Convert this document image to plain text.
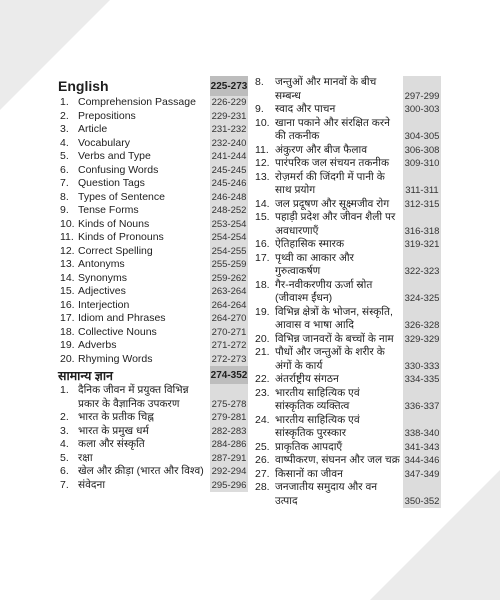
English	225-273
1. Comprehension Passage	226-229
2. Prepositions	229-231
3. Article	231-232
4. Vocabulary	232-240
5. Verbs and Type	241-244
6. Confusing Words	245-245
7. Question Tags	245-246
8. Types of Sentence	246-248
9. Tense Forms	248-252
10. Kinds of Nouns	253-254
11. Kinds of Pronouns	254-254
12. Correct Spelling	254-255
13. Antonyms	255-259
14. Synonyms	259-262
15. Adjectives	263-264
16. Interjection	264-264
17. Idiom and Phrases	264-270
18. Collective Nouns	270-271
19. Adverbs	271-272
20. Rhyming Words	272-273
सामान्य ज्ञान	274-352
1. दैनिक जीवन में प्रयुक्त विभिन्न प्रकार के वैज्ञानिक उपकरण	275-278
2. भारत के प्रतीक चिह्न	279-281
3. भारत के प्रमुख धर्म	282-283
4. कला और संस्कृति	284-286
5. रक्षा	287-291
6. खेल और क्रीड़ा (भारत और विश्व) 292-294
7. संवेदना	295-296
8.	जन्तुओं और मानवों के बीच सम्बन्ध	297-299
9.	स्वाद और पाचन	300-303
10. खाना पकाने और संरक्षित करने की तकनीक	304-305
11. अंकुरण और बीज फैलाव	306-308
12. पारंपरिक जल संचयन तकनीक	309-310
13. रोज़मर्रा की जिंदगी में पानी के साथ प्रयोग	311-311
14. जल प्रदूषण और सूक्ष्मजीव रोग	312-315
15. पहाड़ी प्रदेश और जीवन शैली पर अवधारणाएँ	316-318
16. ऐतिहासिक स्मारक	319-321
17. पृथ्वी का आकार और गुरुत्वाकर्षण	322-323
18. गैर-नवीकरणीय ऊर्जा स्रोत (जीवाश्म ईंधन)	324-325
19. विभिन्न क्षेत्रों के भोजन, संस्कृति, आवास व भाषा आदि	326-328
20. विभिन्न जानवरों के बच्चों के नाम	329-329
21. पौधों और जन्तुओं के शरीर के अंगों के कार्य	330-333
22. अंतर्राष्ट्रीय संगठन	334-335
23. भारतीय साहित्यिक एवं सांस्कृतिक व्यक्तित्व	336-337
24. भारतीय साहित्यिक एवं सांस्कृतिक पुरस्कार	338-340
25. प्राकृतिक आपदाएँ	341-343
26. वाष्पीकरण, संघनन और जल चक्र 344-346
27. किसानों का जीवन	347-349
28. जनजातीय समुदाय और वन उत्पाद	350-352
